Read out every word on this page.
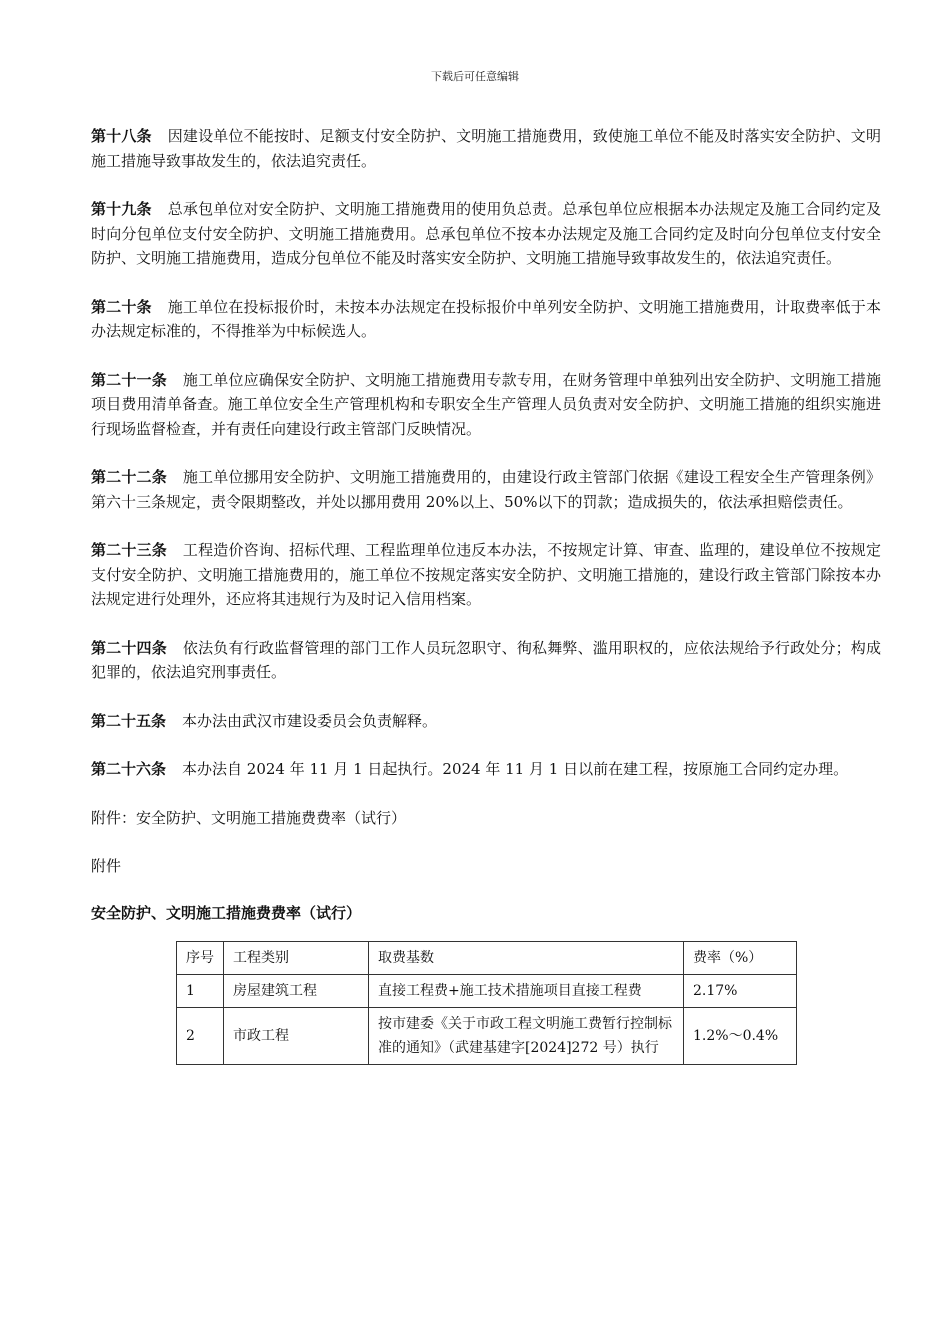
下载后可任意编辑

第十八条 因建设单位不能按时、足额支付安全防护、文明施工措施费用，致使施工单位不能及时落实安全防护、文明施工措施导致事故发生的，依法追究责任。

第十九条 总承包单位对安全防护、文明施工措施费用的使用负总责。总承包单位应根据本办法规定及施工合同约定及时向分包单位支付安全防护、文明施工措施费用。总承包单位不按本办法规定及施工合同约定及时向分包单位支付安全防护、文明施工措施费用，造成分包单位不能及时落实安全防护、文明施工措施导致事故发生的，依法追究责任。

第二十条 施工单位在投标报价时，未按本办法规定在投标报价中单列安全防护、文明施工措施费用，计取费率低于本办法规定标准的，不得推举为中标候选人。

第二十一条 施工单位应确保安全防护、文明施工措施费用专款专用，在财务管理中单独列出安全防护、文明施工措施项目费用清单备查。施工单位安全生产管理机构和专职安全生产管理人员负责对安全防护、文明施工措施的组织实施进行现场监督检查，并有责任向建设行政主管部门反映情况。

第二十二条 施工单位挪用安全防护、文明施工措施费用的，由建设行政主管部门依据《建设工程安全生产管理条例》第六十三条规定，责令限期整改，并处以挪用费用 20%以上、50%以下的罚款；造成损失的，依法承担赔偿责任。

第二十三条 工程造价咨询、招标代理、工程监理单位违反本办法，不按规定计算、审查、监理的，建设单位不按规定支付安全防护、文明施工措施费用的，施工单位不按规定落实安全防护、文明施工措施的，建设行政主管部门除按本办法规定进行处理外，还应将其违规行为及时记入信用档案。

第二十四条 依法负有行政监督管理的部门工作人员玩忽职守、徇私舞弊、滥用职权的，应依法规给予行政处分；构成犯罪的，依法追究刑事责任。

第二十五条 本办法由武汉市建设委员会负责解释。

第二十六条 本办法自 2024 年 11 月 1 日起执行。2024 年 11 月 1 日以前在建工程，按原施工合同约定办理。

附件：安全防护、文明施工措施费费率（试行）

附件

安全防护、文明施工措施费费率（试行）

序号	工程类别	取费基数	费率（%）
1	房屋建筑工程	直接工程费+施工技术措施项目直接工程费	2.17%
2	市政工程	按市建委《关于市政工程文明施工费暂行控制标准的通知》（武建基建字[2024]272 号）执行	1.2%～0.4%
